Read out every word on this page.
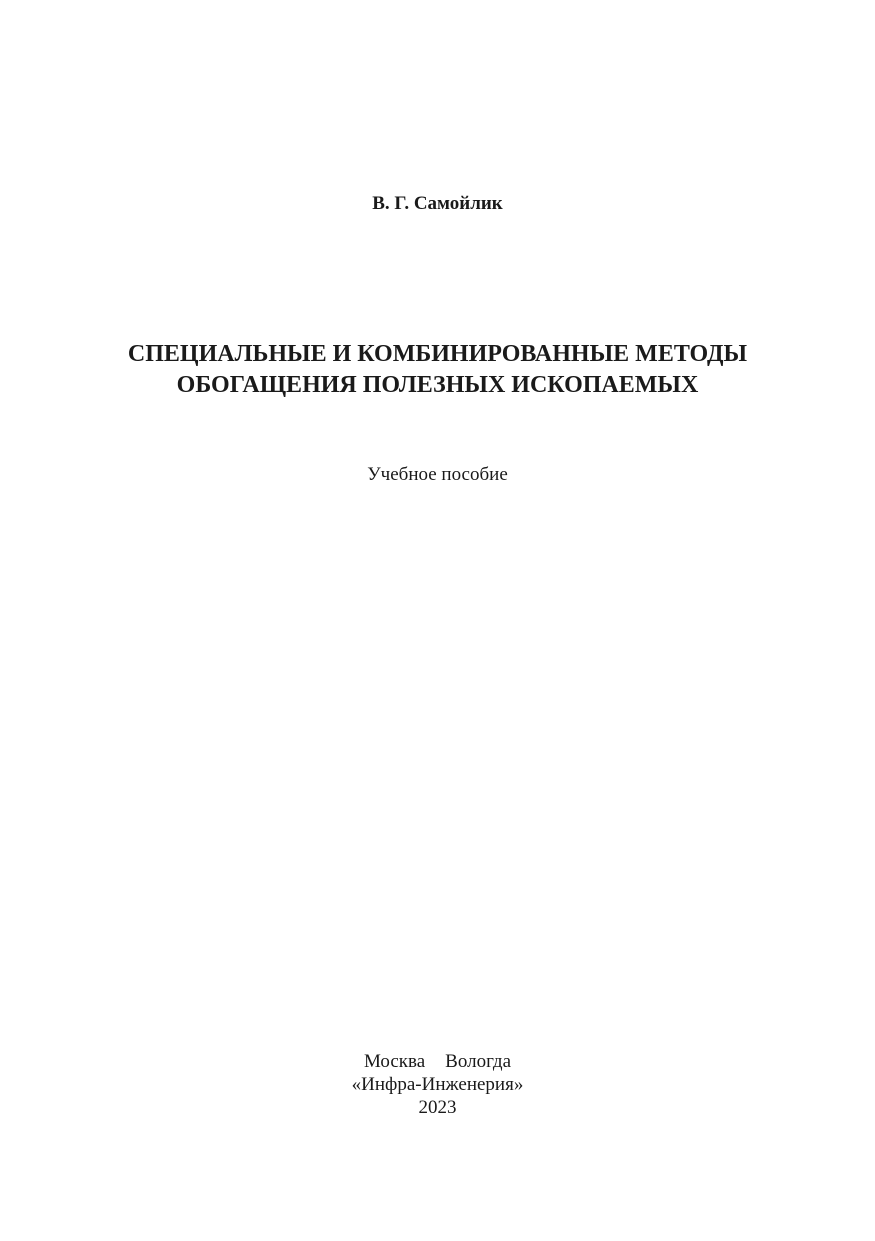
В. Г. Самойлик
СПЕЦИАЛЬНЫЕ И КОМБИНИРОВАННЫЕ МЕТОДЫ
ОБОГАЩЕНИЯ ПОЛЕЗНЫХ ИСКОПАЕМЫХ
Учебное пособие
Москва Вологда
«Инфра-Инженерия»
2023
